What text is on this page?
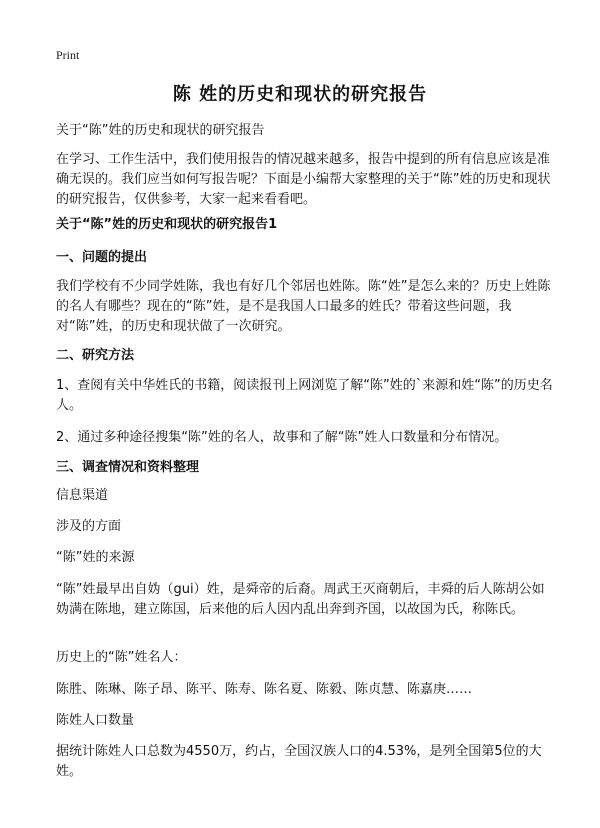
Print
陈 姓的历史和现状的研究报告

关于“陈”姓的历史和现状的研究报告

在学习、工作生活中，我们使用报告的情况越来越多，报告中提到的所有信息应该是准确无误的。我们应当如何写报告呢？下面是小编帮大家整理的关于“陈”姓的历史和现状的研究报告，仅供参考，大家一起来看看吧。

关于“陈”姓的历史和现状的研究报告1

一、问题的提出

我们学校有不少同学姓陈，我也有好几个邻居也姓陈。陈“姓”是怎么来的？历史上姓陈的名人有哪些？现在的“陈”姓，是不是我国人口最多的姓氏？带着这些问题，我对“陈”姓，的历史和现状做了一次研究。

二、研究方法

1、查阅有关中华姓氏的书籍，阅读报刊上网浏览了解“陈”姓的`来源和姓“陈”的历史名人。

2、通过多种途径搜集“陈”姓的名人，故事和了解“陈”姓人口数量和分布情况。

三、调查情况和资料整理

信息渠道

涉及的方面

“陈”姓的来源

“陈”姓最早出自妫（gui）姓，是舜帝的后裔。周武王灭商朝后，丰舜的后人陈胡公如妫满在陈地，建立陈国，后来他的后人因内乱出奔到齐国，以故国为氏，称陈氏。

历史上的“陈”姓名人：

陈胜、陈琳、陈子昂、陈平、陈寿、陈名夏、陈毅、陈贞慧、陈嘉庚……

陈姓人口数量

据统计陈姓人口总数为4550万，约占，全国汉族人口的4.53%，是列全国第5位的大姓。
